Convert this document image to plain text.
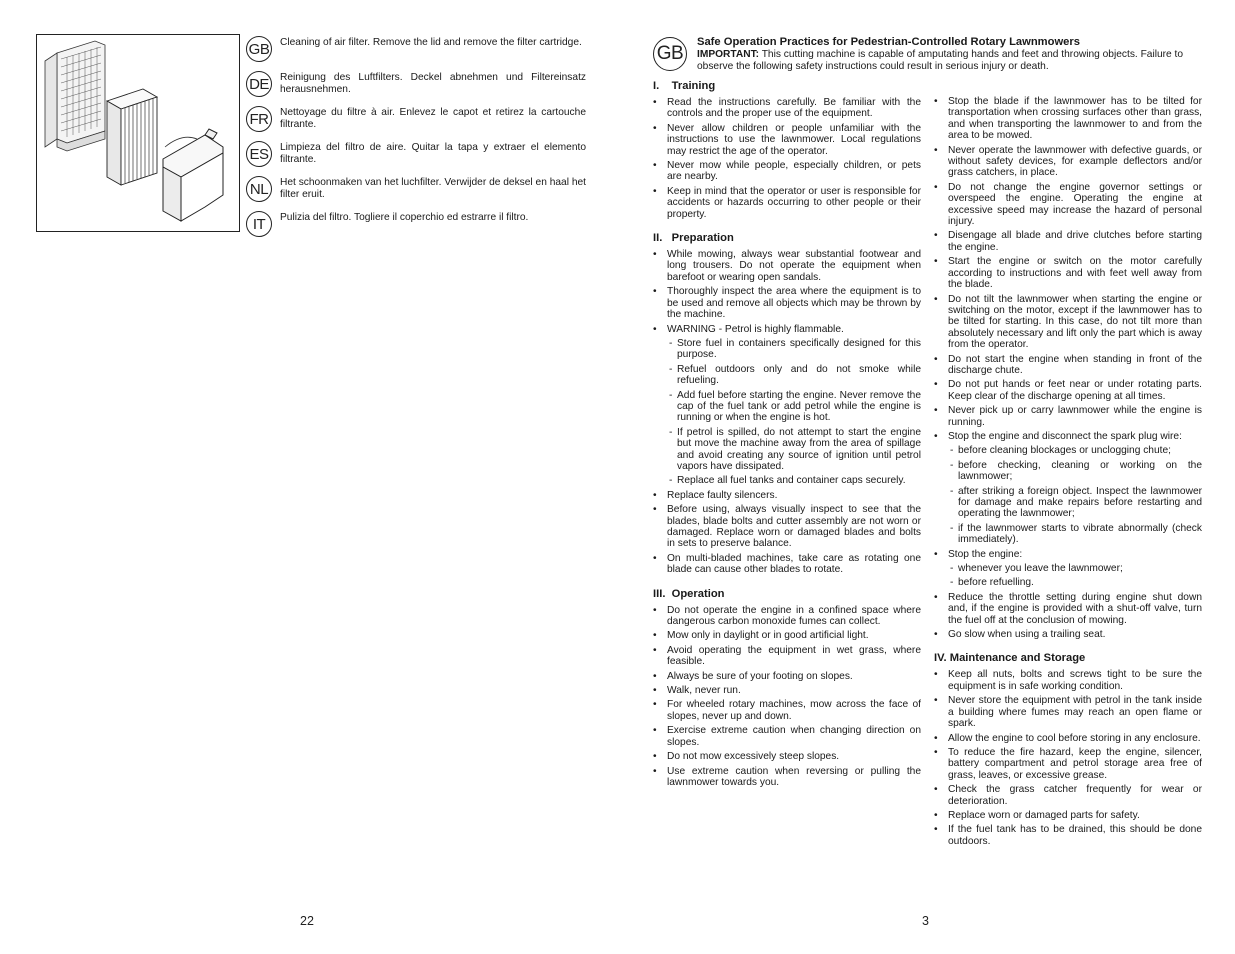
GB Cleaning of air filter. Remove the lid and remove the filter cartridge.
DE	Reinigung des Luftfilters. Deckel abnehmen und Filtereinsatz herausnehmen.
FR	Nettoyage du filtre à air. Enlevez le capot et retirez la cartouche filtrante.
ES	Limpieza del filtro de aire. Quitar la tapa y extraer el elemento filtrante.
NL	Het schoonmaken van het luchfilter. Verwijder de deksel en haal het filter eruit.
IT	Pulizia del filtro. Togliere il coperchio ed estrarre il filtro.
22
GB
Safe Operation Practices for Pedestrian-Controlled Rotary Lawnmowers
IMPORTANT: This cutting machine is capable of amputating hands and feet and throwing objects. Failure to observe the following safety instructions could result in serious injury or death.
I.    Training
• Read the instructions carefully. Be familiar with the controls and the proper use of the equipment.
• Never allow children or people unfamiliar with the instructions to use the lawnmower. Local regulations may restrict the age of the operator.
• Never mow while people, especially children, or pets are nearby.
• Keep in mind that the operator or user is responsible for accidents or hazards occurring to other people or their property.
II.   Preparation
• While mowing, always wear substantial footwear and long trousers. Do not operate the equipment when barefoot or wearing open sandals.
• Thoroughly inspect the area where the equipment is to be used and remove all objects which may be thrown by the machine.
• WARNING - Petrol is highly flammable.
- Store fuel in containers specifically designed for this purpose.
- Refuel outdoors only and do not smoke while refueling.
- Add fuel before starting the engine. Never remove the cap of the fuel tank or add petrol while the engine is running or when the engine is hot.
- If petrol is spilled, do not attempt to start the engine but move the machine away from the area of spillage and avoid creating any source of ignition until petrol vapors have dissipated.
- Replace all fuel tanks and container caps securely.
• Replace faulty silencers.
• Before using, always visually inspect to see that the blades, blade bolts and cutter assembly are not worn or damaged. Replace worn or damaged blades and bolts in sets to preserve balance.
• On multi-bladed machines, take care as rotating one blade can cause other blades to rotate.
III.  Operation
• Do not operate the engine in a confined space where dangerous carbon monoxide fumes can collect.
• Mow only in daylight or in good artificial light.
• Avoid operating the equipment in wet grass, where feasible.
• Always be sure of your footing on slopes.
• Walk, never run.
• For wheeled rotary machines, mow across the face of slopes, never up and down.
• Exercise extreme caution when changing direction on slopes.
• Do not mow excessively steep slopes.
• Use extreme caution when reversing or pulling the lawnmower towards you.
• Stop the blade if the lawnmower has to be tilted for transportation when crossing surfaces other than grass, and when transporting the lawnmower to and from the area to be mowed.
• Never operate the lawnmower with defective guards, or without safety devices, for example deflectors and/or grass catchers, in place.
• Do not change the engine governor settings or overspeed the engine. Operating the engine at excessive speed may increase the hazard of personal injury.
• Disengage all blade and drive clutches before starting the engine.
• Start the engine or switch on the motor carefully according to instructions and with feet well away from the blade.
• Do not tilt the lawnmower when starting the engine or switching on the motor, except if the lawnmower has to be tilted for starting. In this case, do not tilt more than absolutely necessary and lift only the part which is away from the operator.
• Do not start the engine when standing in front of the discharge chute.
• Do not put hands or feet near or under rotating parts. Keep clear of the discharge opening at all times.
• Never pick up or carry lawnmower while the engine is running.
• Stop the engine and disconnect the spark plug wire:
- before cleaning blockages or unclogging chute;
- before checking, cleaning or working on the lawnmower;
- after striking a foreign object. Inspect the lawnmower for damage and make repairs before restarting and operating the lawnmower;
- if the lawnmower starts to vibrate abnormally (check immediately).
• Stop the engine:
- whenever you leave the lawnmower;
- before refuelling.
• Reduce the throttle setting during engine shut down and, if the engine is provided with a shut-off valve, turn the fuel off at the conclusion of mowing.
• Go slow when using a trailing seat.
IV. Maintenance and Storage
• Keep all nuts, bolts and screws tight to be sure the equipment is in safe working condition.
• Never store the equipment with petrol in the tank inside a building where fumes may reach an open flame or spark.
• Allow the engine to cool before storing in any enclosure.
• To reduce the fire hazard, keep the engine, silencer, battery compartment and petrol storage area free of grass, leaves, or excessive grease.
• Check the grass catcher frequently for wear or deterioration.
• Replace worn or damaged parts for safety.
• If the fuel tank has to be drained, this should be done outdoors.
3
